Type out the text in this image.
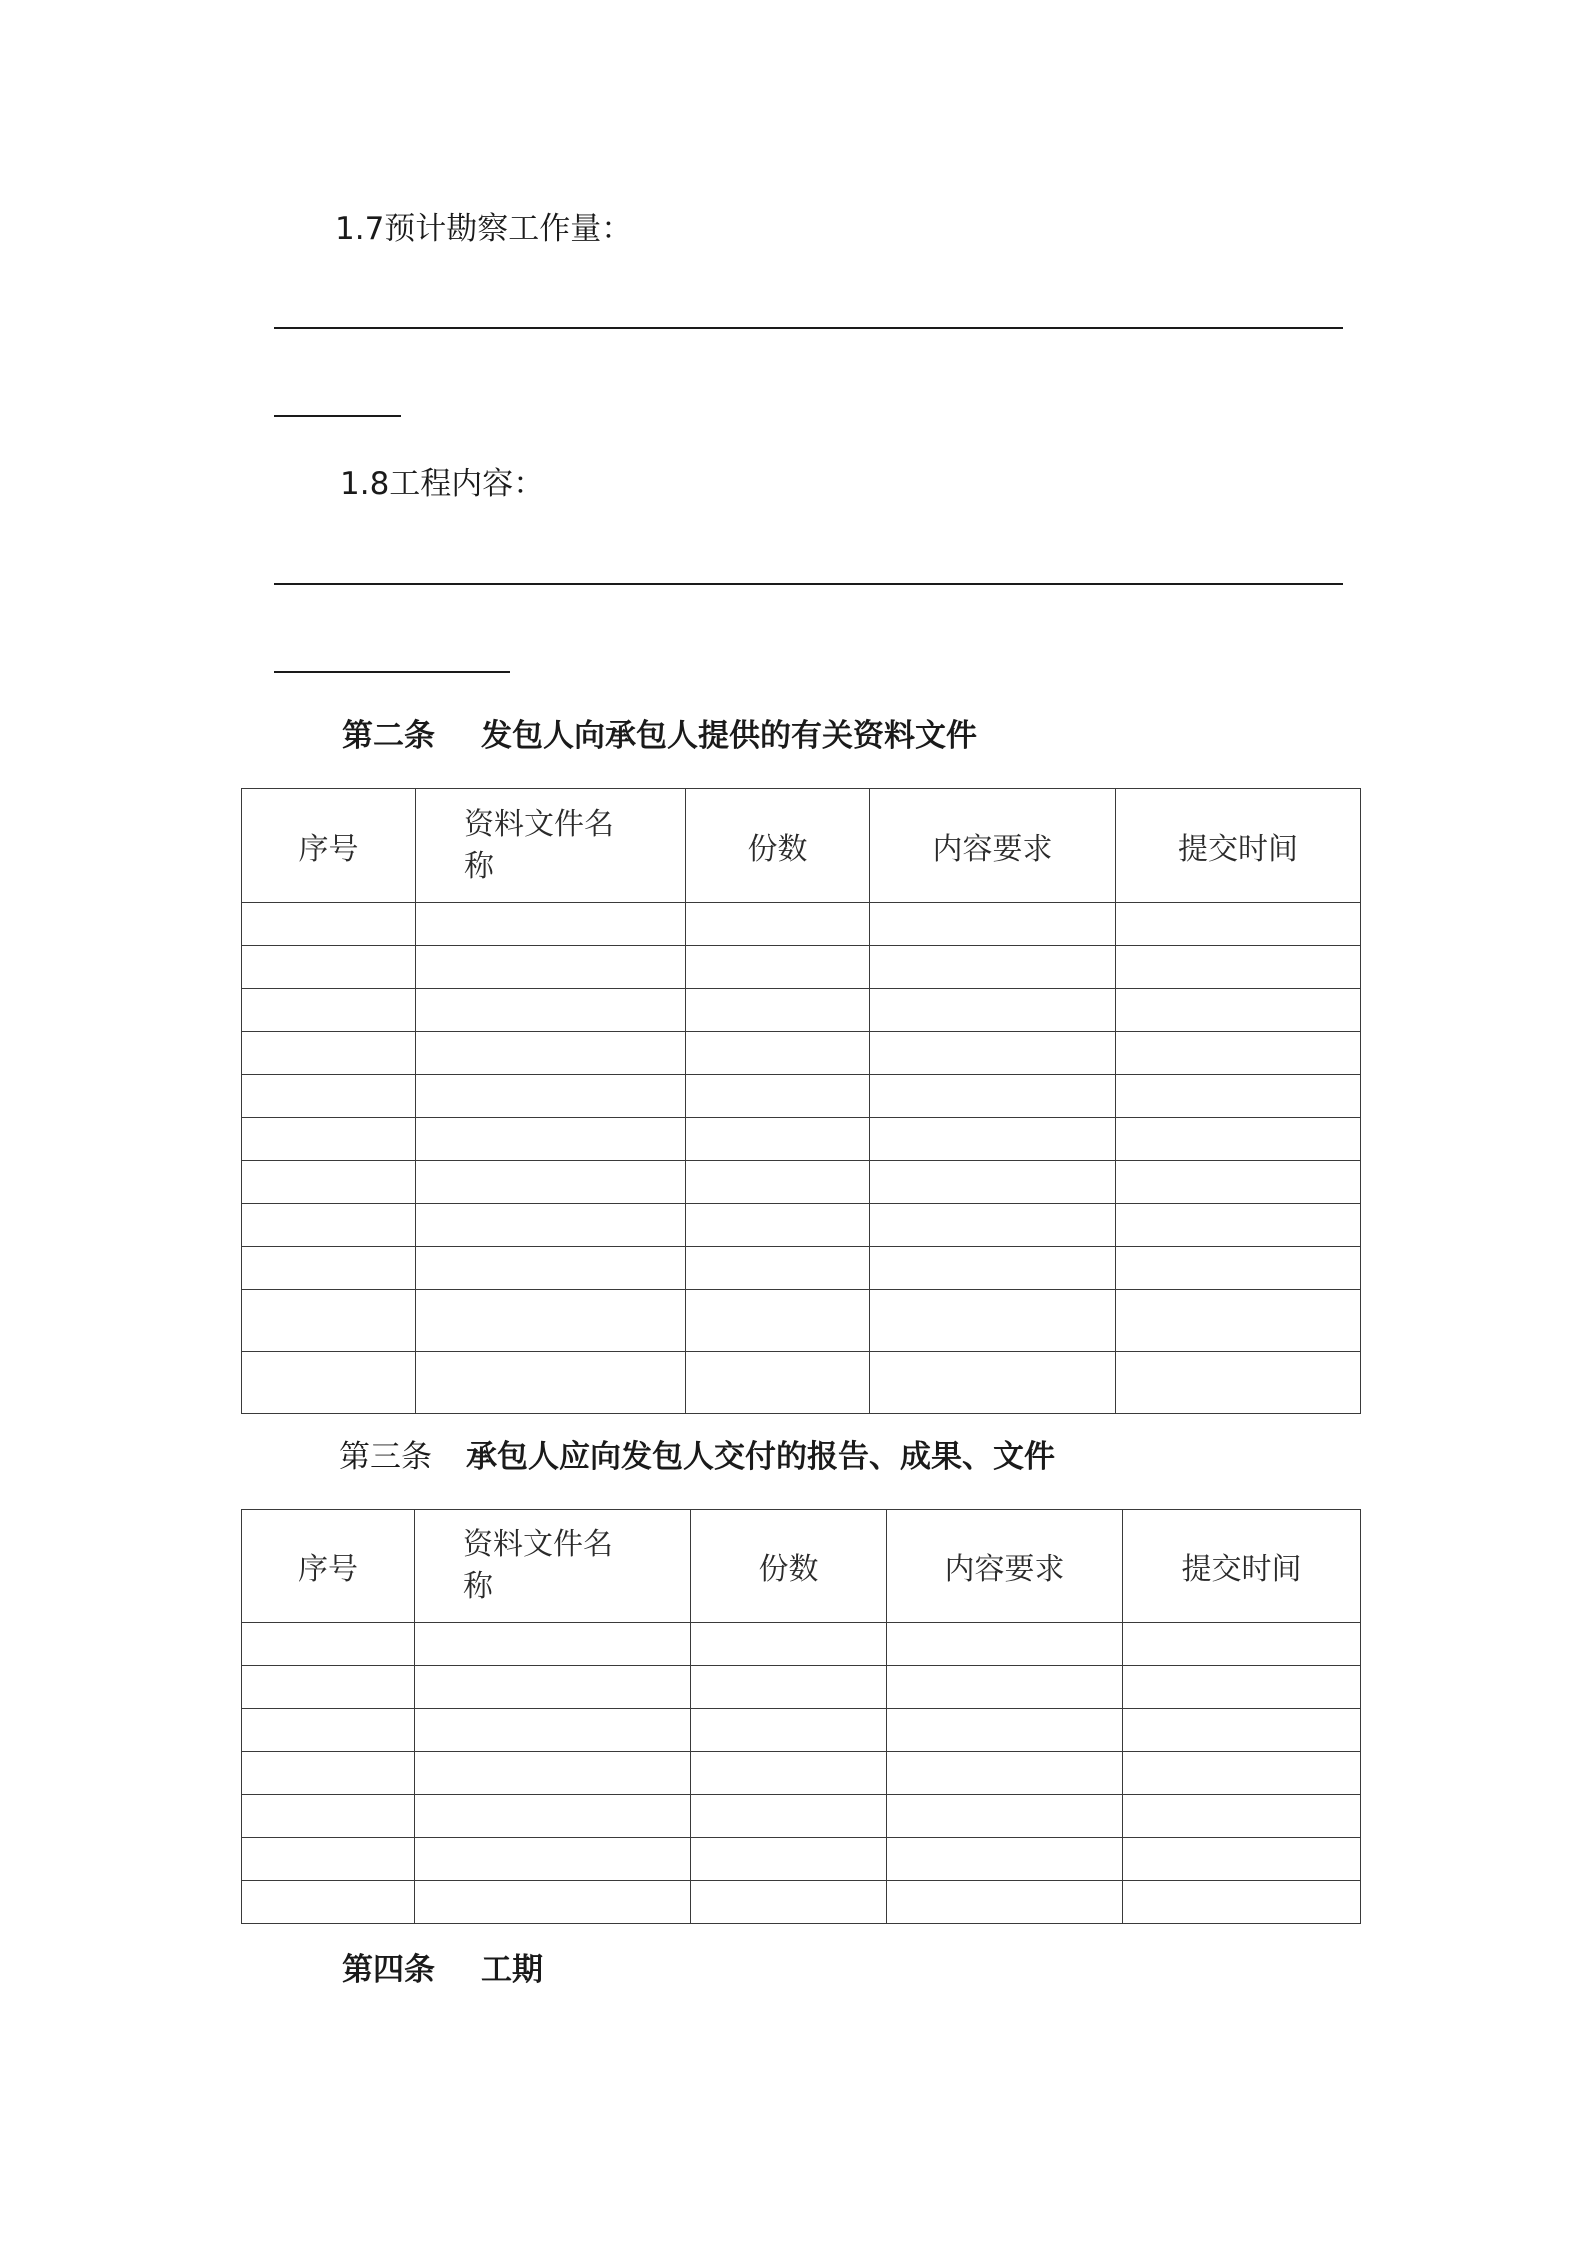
1.7预计勘察工作量：
1.8工程内容：
第二条 发包人向承包人提供的有关资料文件
序号	资料文件名称	份数	内容要求	提交时间

第三条 承包人应向发包人交付的报告、成果、文件
序号	资料文件名称	份数	内容要求	提交时间

第四条 工期
